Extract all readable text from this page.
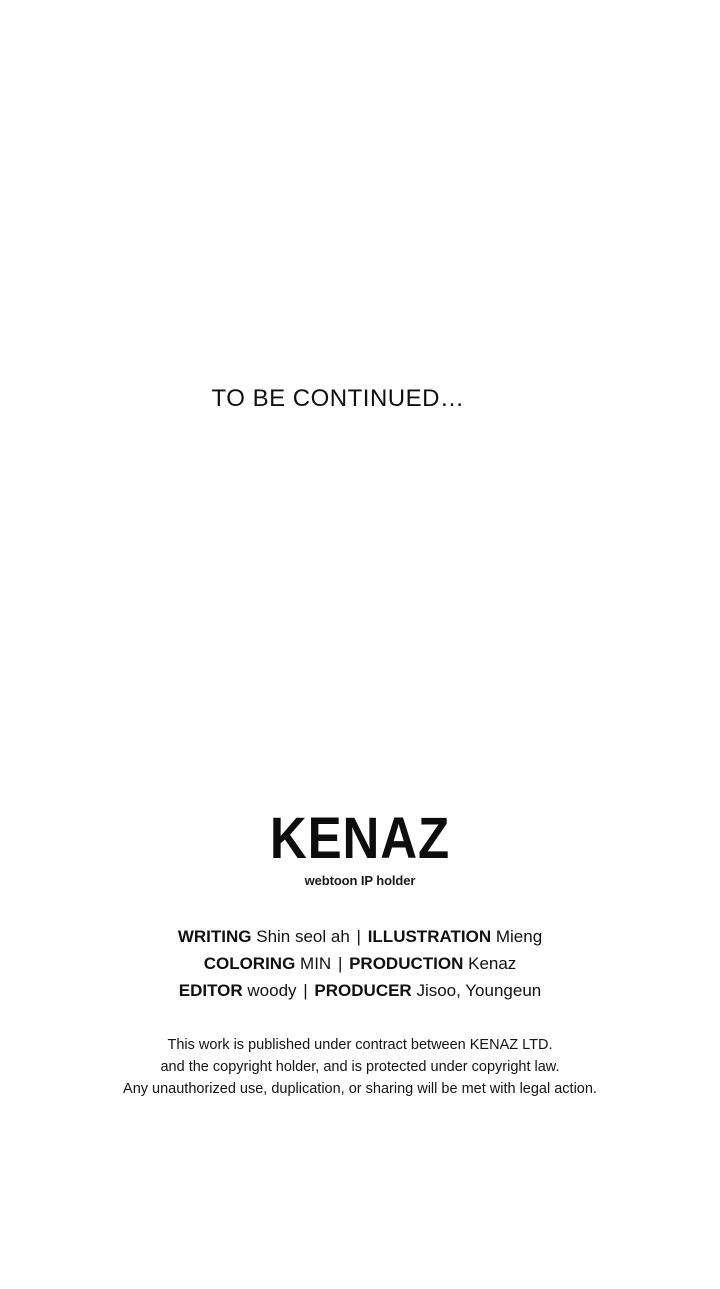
TO BE CONTINUED…
KENAZ
webtoon IP holder
WRITING Shin seol ah | ILLUSTRATION Mieng
COLORING MIN | PRODUCTION Kenaz
EDITOR woody | PRODUCER Jisoo, Youngeun
This work is published under contract between KENAZ LTD.
and the copyright holder, and is protected under copyright law.
Any unauthorized use, duplication, or sharing will be met with legal action.
